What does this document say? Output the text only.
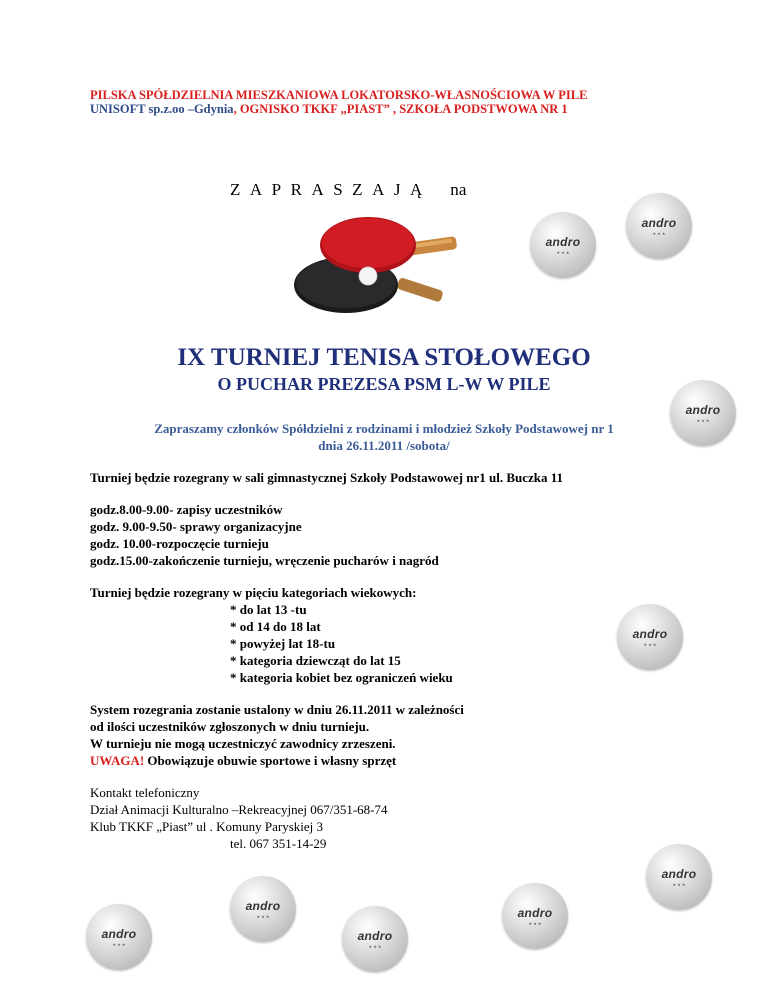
PILSKA SPÓŁDZIELNIA MIESZKANIOWA LOKATORSKO-WŁASNOŚCIOWA W PILE
UNISOFT sp.z.oo –Gdynia, OGNISKO TKKF „PIAST” , SZKOŁA PODSTWOWA NR 1
ZAPRASZAJĄ na
andro
★ ★ ★
andro
★ ★ ★
andro
★ ★ ★
andro
★ ★ ★
andro
★ ★ ★
andro
★ ★ ★	andro
★ ★ ★
andro
★ ★ ★
andro
★ ★ ★
IX TURNIEJ TENISA STOŁOWEGO
O PUCHAR PREZESA PSM L-W W PILE
Zapraszamy członków Spółdzielni z rodzinami i młodzież Szkoły Podstawowej nr 1
dnia 26.11.2011 /sobota/
Turniej będzie rozegrany w sali gimnastycznej Szkoły Podstawowej nr1 ul. Buczka 11
godz.8.00-9.00- zapisy uczestników
godz. 9.00-9.50- sprawy organizacyjne
godz. 10.00-rozpoczęcie turnieju
godz.15.00-zakończenie turnieju, wręczenie pucharów i nagród
Turniej będzie rozegrany w pięciu kategoriach wiekowych:
* do lat 13 -tu
* od 14 do 18 lat
* powyżej lat 18-tu
* kategoria dziewcząt do lat 15
* kategoria kobiet bez ograniczeń wieku
System rozegrania zostanie ustalony w dniu 26.11.2011 w zależności
od ilości uczestników zgłoszonych w dniu turnieju.
W turnieju nie mogą uczestniczyć zawodnicy zrzeszeni.
UWAGA! Obowiązuje obuwie sportowe i własny sprzęt
Kontakt telefoniczny
Dział Animacji Kulturalno –Rekreacyjnej 067/351-68-74
Klub TKKF „Piast” ul . Komuny Paryskiej 3
tel. 067 351-14-29
